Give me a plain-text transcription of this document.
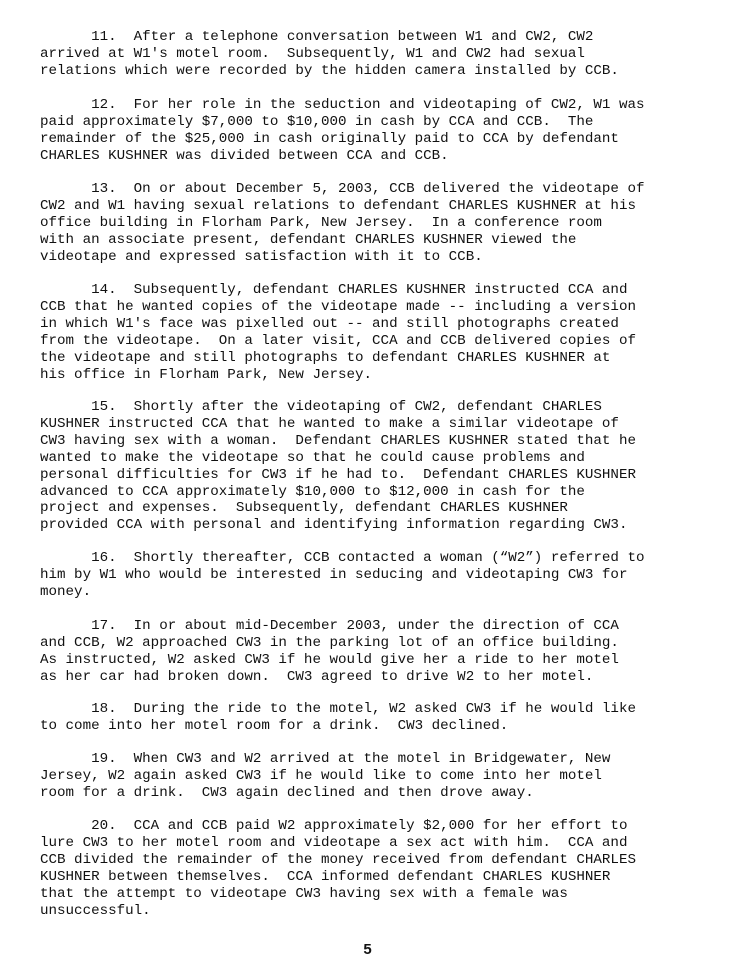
11.  After a telephone conversation between W1 and CW2, CW2
arrived at W1's motel room.  Subsequently, W1 and CW2 had sexual
relations which were recorded by the hidden camera installed by CCB.

12.  For her role in the seduction and videotaping of CW2, W1 was
paid approximately $7,000 to $10,000 in cash by CCA and CCB.  The
remainder of the $25,000 in cash originally paid to CCA by defendant
CHARLES KUSHNER was divided between CCA and CCB.

13.  On or about December 5, 2003, CCB delivered the videotape of
CW2 and W1 having sexual relations to defendant CHARLES KUSHNER at his
office building in Florham Park, New Jersey.  In a conference room
with an associate present, defendant CHARLES KUSHNER viewed the
videotape and expressed satisfaction with it to CCB.

14.  Subsequently, defendant CHARLES KUSHNER instructed CCA and
CCB that he wanted copies of the videotape made -- including a version
in which W1's face was pixelled out -- and still photographs created
from the videotape.  On a later visit, CCA and CCB delivered copies of
the videotape and still photographs to defendant CHARLES KUSHNER at
his office in Florham Park, New Jersey.

15.  Shortly after the videotaping of CW2, defendant CHARLES
KUSHNER instructed CCA that he wanted to make a similar videotape of
CW3 having sex with a woman.  Defendant CHARLES KUSHNER stated that he
wanted to make the videotape so that he could cause problems and
personal difficulties for CW3 if he had to.  Defendant CHARLES KUSHNER
advanced to CCA approximately $10,000 to $12,000 in cash for the
project and expenses.  Subsequently, defendant CHARLES KUSHNER
provided CCA with personal and identifying information regarding CW3.

16.  Shortly thereafter, CCB contacted a woman (“W2”) referred to
him by W1 who would be interested in seducing and videotaping CW3 for
money.

17.  In or about mid-December 2003, under the direction of CCA
and CCB, W2 approached CW3 in the parking lot of an office building.
As instructed, W2 asked CW3 if he would give her a ride to her motel
as her car had broken down.  CW3 agreed to drive W2 to her motel.

18.  During the ride to the motel, W2 asked CW3 if he would like
to come into her motel room for a drink.  CW3 declined.

19.  When CW3 and W2 arrived at the motel in Bridgewater, New
Jersey, W2 again asked CW3 if he would like to come into her motel
room for a drink.  CW3 again declined and then drove away.

20.  CCA and CCB paid W2 approximately $2,000 for her effort to
lure CW3 to her motel room and videotape a sex act with him.  CCA and
CCB divided the remainder of the money received from defendant CHARLES
KUSHNER between themselves.  CCA informed defendant CHARLES KUSHNER
that the attempt to videotape CW3 having sex with a female was
unsuccessful.

5
